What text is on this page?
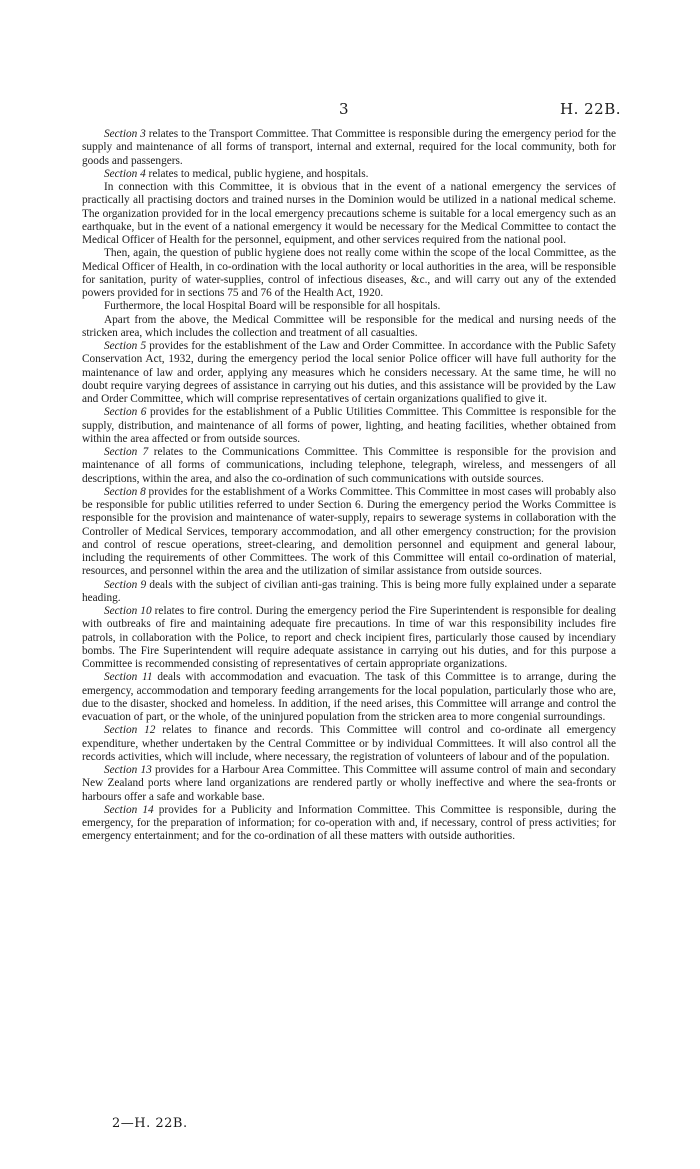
3	H. 22B.

Section 3 relates to the Transport Committee. That Committee is responsible during the emergency period for the supply and maintenance of all forms of transport, internal and external, required for the local community, both for goods and passengers.

Section 4 relates to medical, public hygiene, and hospitals.

In connection with this Committee, it is obvious that in the event of a national emergency the services of practically all practising doctors and trained nurses in the Dominion would be utilized in a national medical scheme. The organization provided for in the local emergency precautions scheme is suitable for a local emergency such as an earthquake, but in the event of a national emergency it would be necessary for the Medical Committee to contact the Medical Officer of Health for the personnel, equipment, and other services required from the national pool.

Then, again, the question of public hygiene does not really come within the scope of the local Committee, as the Medical Officer of Health, in co-ordination with the local authority or local authorities in the area, will be responsible for sanitation, purity of water-supplies, control of infectious diseases, &c., and will carry out any of the extended powers provided for in sections 75 and 76 of the Health Act, 1920.

Furthermore, the local Hospital Board will be responsible for all hospitals.

Apart from the above, the Medical Committee will be responsible for the medical and nursing needs of the stricken area, which includes the collection and treatment of all casualties.

Section 5 provides for the establishment of the Law and Order Committee. In accordance with the Public Safety Conservation Act, 1932, during the emergency period the local senior Police officer will have full authority for the maintenance of law and order, applying any measures which he considers necessary. At the same time, he will no doubt require varying degrees of assistance in carrying out his duties, and this assistance will be provided by the Law and Order Committee, which will comprise representatives of certain organizations qualified to give it.

Section 6 provides for the establishment of a Public Utilities Committee. This Committee is responsible for the supply, distribution, and maintenance of all forms of power, lighting, and heating facilities, whether obtained from within the area affected or from outside sources.

Section 7 relates to the Communications Committee. This Committee is responsible for the provision and maintenance of all forms of communications, including telephone, telegraph, wireless, and messengers of all descriptions, within the area, and also the co-ordination of such communications with outside sources.

Section 8 provides for the establishment of a Works Committee. This Committee in most cases will probably also be responsible for public utilities referred to under Section 6. During the emergency period the Works Committee is responsible for the provision and maintenance of water-supply, repairs to sewerage systems in collaboration with the Controller of Medical Services, temporary accommodation, and all other emergency construction; for the provision and control of rescue operations, street-clearing, and demolition personnel and equipment and general labour, including the requirements of other Committees. The work of this Committee will entail co-ordination of material, resources, and personnel within the area and the utilization of similar assistance from outside sources.

Section 9 deals with the subject of civilian anti-gas training. This is being more fully explained under a separate heading.

Section 10 relates to fire control. During the emergency period the Fire Superintendent is responsible for dealing with outbreaks of fire and maintaining adequate fire precautions. In time of war this responsibility includes fire patrols, in collaboration with the Police, to report and check incipient fires, particularly those caused by incendiary bombs. The Fire Superintendent will require adequate assistance in carrying out his duties, and for this purpose a Committee is recommended consisting of representatives of certain appropriate organizations.

Section 11 deals with accommodation and evacuation. The task of this Committee is to arrange, during the emergency, accommodation and temporary feeding arrangements for the local population, particularly those who are, due to the disaster, shocked and homeless. In addition, if the need arises, this Committee will arrange and control the evacuation of part, or the whole, of the uninjured population from the stricken area to more congenial surroundings.

Section 12 relates to finance and records. This Committee will control and co-ordinate all emergency expenditure, whether undertaken by the Central Committee or by individual Committees. It will also control all the records activities, which will include, where necessary, the registration of volunteers of labour and of the population.

Section 13 provides for a Harbour Area Committee. This Committee will assume control of main and secondary New Zealand ports where land organizations are rendered partly or wholly ineffective and where the sea-fronts or harbours offer a safe and workable base.

Section 14 provides for a Publicity and Information Committee. This Committee is responsible, during the emergency, for the preparation of information; for co-operation with and, if necessary, control of press activities; for emergency entertainment; and for the co-ordination of all these matters with outside authorities.

2—H. 22B.
